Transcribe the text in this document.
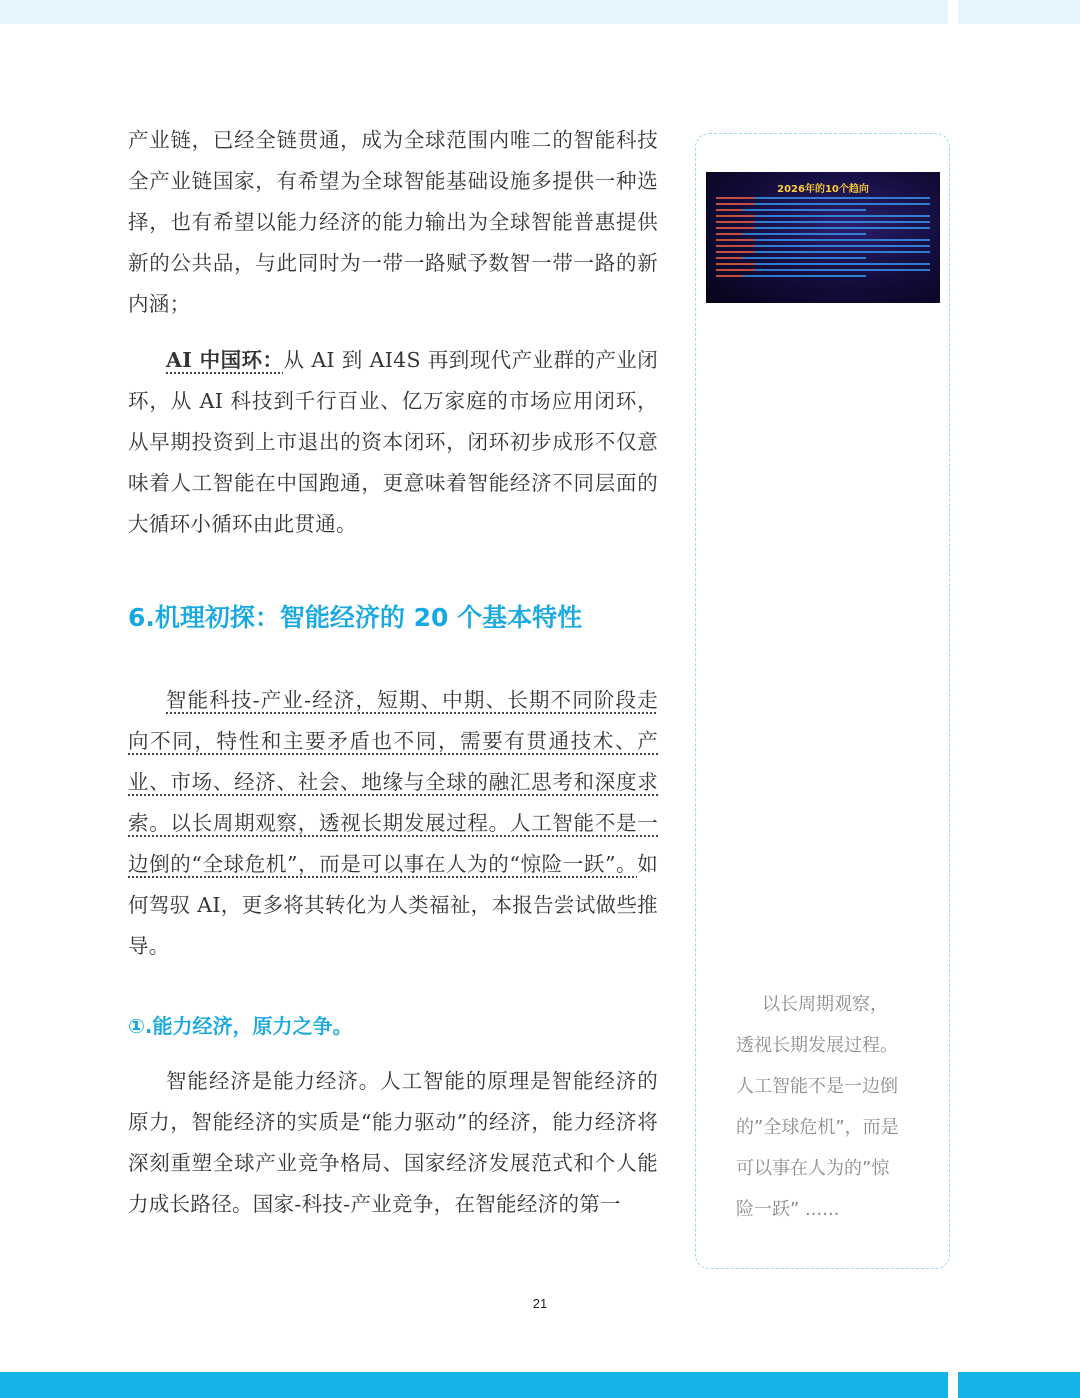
产业链，已经全链贯通，成为全球范围内唯二的智能科技全产业链国家，有希望为全球智能基础设施多提供一种选择，也有希望以能力经济的能力输出为全球智能普惠提供新的公共品，与此同时为一带一路赋予数智一带一路的新内涵；

AI 中国环：从 AI 到 AI4S 再到现代产业群的产业闭环，从 AI 科技到千行百业、亿万家庭的市场应用闭环，从早期投资到上市退出的资本闭环，闭环初步成形不仅意味着人工智能在中国跑通，更意味着智能经济不同层面的大循环小循环由此贯通。

6.机理初探：智能经济的 20 个基本特性

智能科技-产业-经济，短期、中期、长期不同阶段走向不同，特性和主要矛盾也不同，需要有贯通技术、产业、市场、经济、社会、地缘与全球的融汇思考和深度求索。以长周期观察，透视长期发展过程。人工智能不是一边倒的“全球危机”，而是可以事在人为的“惊险一跃”。如何驾驭 AI，更多将其转化为人类福祉，本报告尝试做些推导。

①.能力经济，原力之争。

智能经济是能力经济。人工智能的原理是智能经济的原力，智能经济的实质是“能力驱动”的经济，能力经济将深刻重塑全球产业竞争格局、国家经济发展范式和个人能力成长路径。国家-科技-产业竞争，在智能经济的第一

2026年的10个趋向
以长周期观察，
透视长期发展过程。
人工智能不是一边倒
的”全球危机”，而是
可以事在人为的”惊
险一跃” ......
21
